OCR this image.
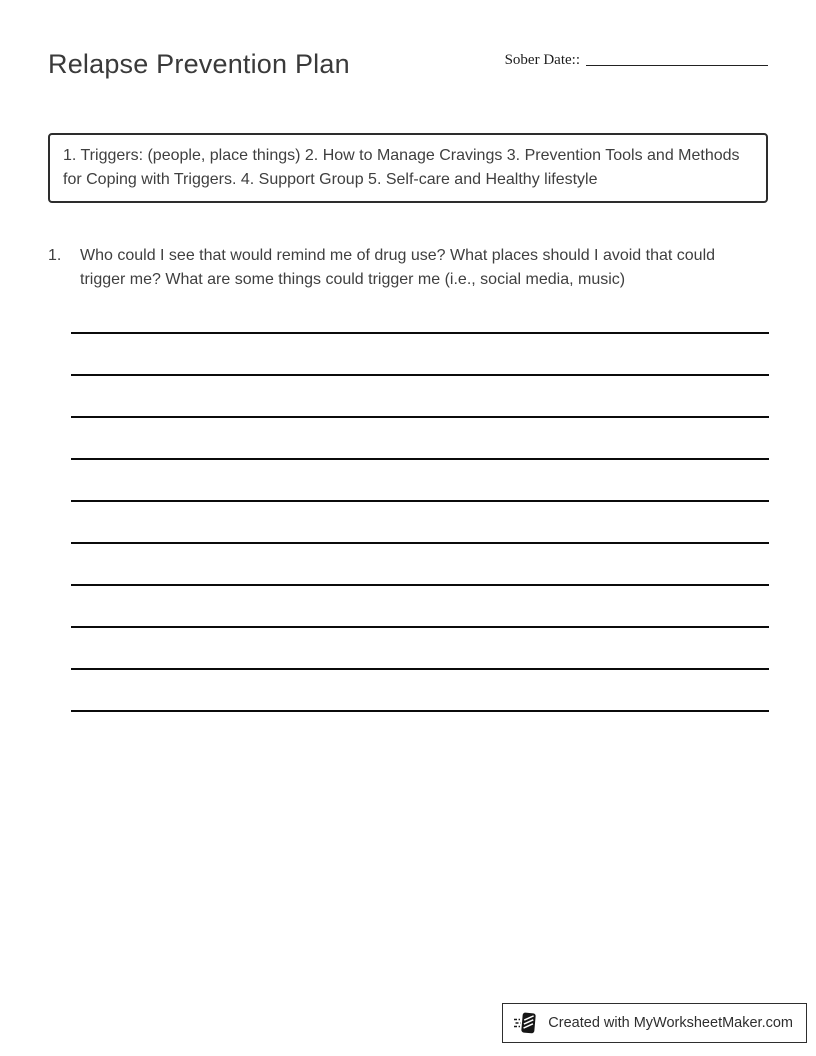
Relapse Prevention Plan	Sober Date::
1. Triggers: (people, place things) 2. How to Manage Cravings 3. Prevention Tools and Methods for Coping with Triggers. 4. Support Group 5. Self-care and Healthy lifestyle
1.	Who could I see that would remind me of drug use? What places should I avoid that could trigger me? What are some things could trigger me (i.e., social media, music)
Created with MyWorksheetMaker.com
